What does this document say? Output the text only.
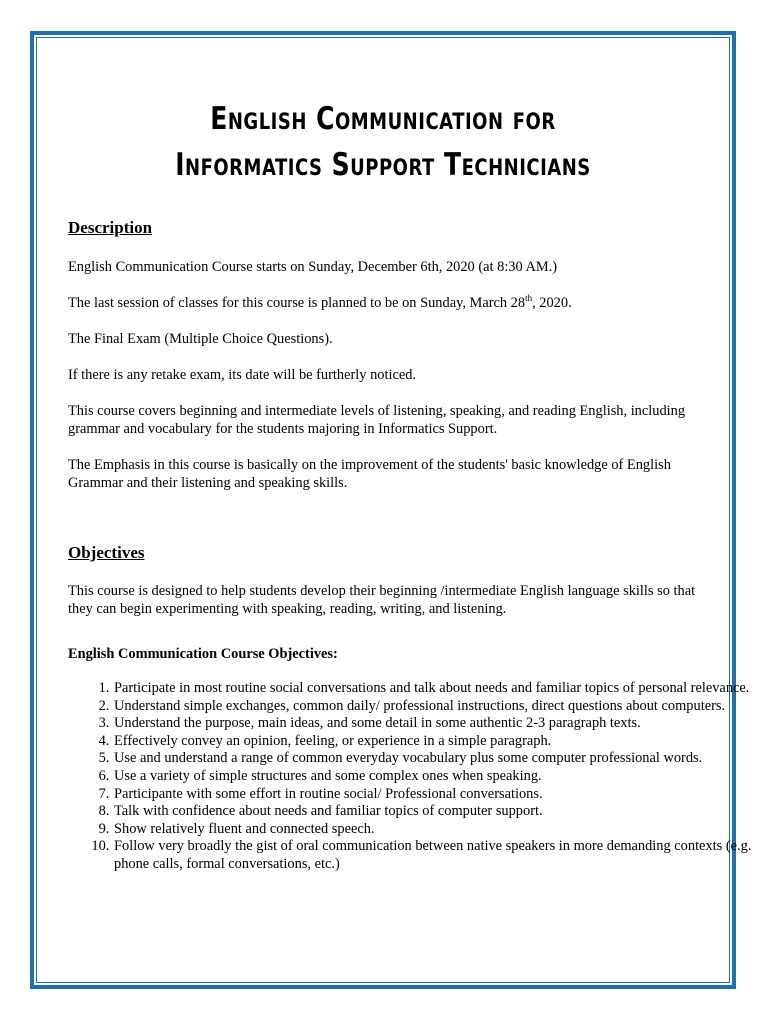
English Communication for
Informatics Support Technicians
Description

English Communication Course starts on Sunday, December 6th, 2020 (at 8:30 AM.)

The last session of classes for this course is planned to be on Sunday, March 28th, 2020.

The Final Exam (Multiple Choice Questions).

If there is any retake exam, its date will be furtherly noticed.

This course covers beginning and intermediate levels of listening, speaking, and reading English, including grammar and vocabulary for the students majoring in Informatics Support.

The Emphasis in this course is basically on the improvement of the students' basic knowledge of English Grammar and their listening and speaking skills.

Objectives

This course is designed to help students develop their beginning /intermediate English language skills so that they can begin experimenting with speaking, reading, writing, and listening.

English Communication Course Objectives:
1. Participate in most routine social conversations and talk about needs and familiar topics of personal relevance.
2. Understand simple exchanges, common daily/ professional instructions, direct questions about computers.
3. Understand the purpose, main ideas, and some detail in some authentic 2-3 paragraph texts.
4. Effectively convey an opinion, feeling, or experience in a simple paragraph.
5. Use and understand a range of common everyday vocabulary plus some computer professional words.
6. Use a variety of simple structures and some complex ones when speaking.
7. Participante with some effort in routine social/ Professional conversations.
8. Talk with confidence about needs and familiar topics of computer support.
9. Show relatively fluent and connected speech.
10. Follow very broadly the gist of oral communication between native speakers in more demanding contexts (e.g. phone calls, formal conversations, etc.)
